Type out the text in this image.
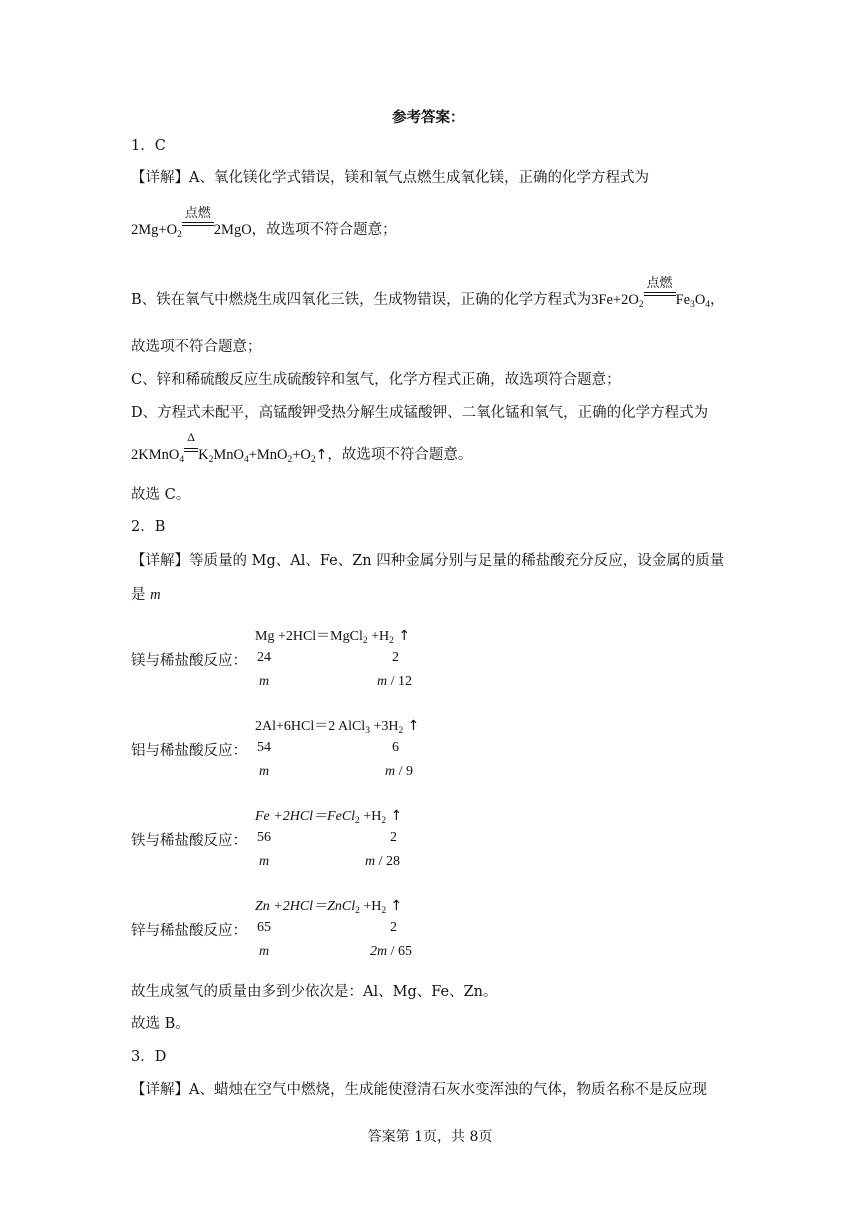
参考答案：
1．C
【详解】A、氧化镁化学式错误，镁和氧气点燃生成氧化镁，正确的化学方程式为
$2Mg+O_2$
点燃
2MgO，故选项不符合题意；
B、铁在氧气中燃烧生成四氧化三铁，生成物错误，正确的化学方程式为$3Fe+2O_2$
点燃
$Fe_3O_4$，
故选项不符合题意；
C、锌和稀硫酸反应生成硫酸锌和氢气，化学方程式正确，故选项符合题意；
D、方程式未配平，高锰酸钾受热分解生成锰酸钾、二氧化锰和氧气，正确的化学方程式为
2KMnO$_4$
Δ
$K_2MnO_4+MnO_2+O_2↑$，故选项不符合题意。
故选 C。
2．B
【详解】等质量的 Mg、Al、Fe、Zn 四种金属分别与足量的稀盐酸充分反应，设金属的质量
是 m
镁与稀盐酸反应：
Mg +2HCl＝MgCl$_2$ $+H_2$ ↑
24	2
m	m / 12
铝与稀盐酸反应：
2Al+6HCl＝2 AlCl$_3$ $+3H_2$ ↑
54	6
m	m / 9
铁与稀盐酸反应：
Fe +2HCl＝FeCl$_2$ $+H_2$ ↑
56	2
m	m / 28
锌与稀盐酸反应：
Zn +2HCl＝ZnCl$_2$ $+H_2$ ↑
65	2
m	2m / 65
故生成氢气的质量由多到少依次是：Al、Mg、Fe、Zn。
故选 B。
3．D
【详解】A、蜡烛在空气中燃烧，生成能使澄清石灰水变浑浊的气体，物质名称不是反应现
答案第 1页，共 8页
